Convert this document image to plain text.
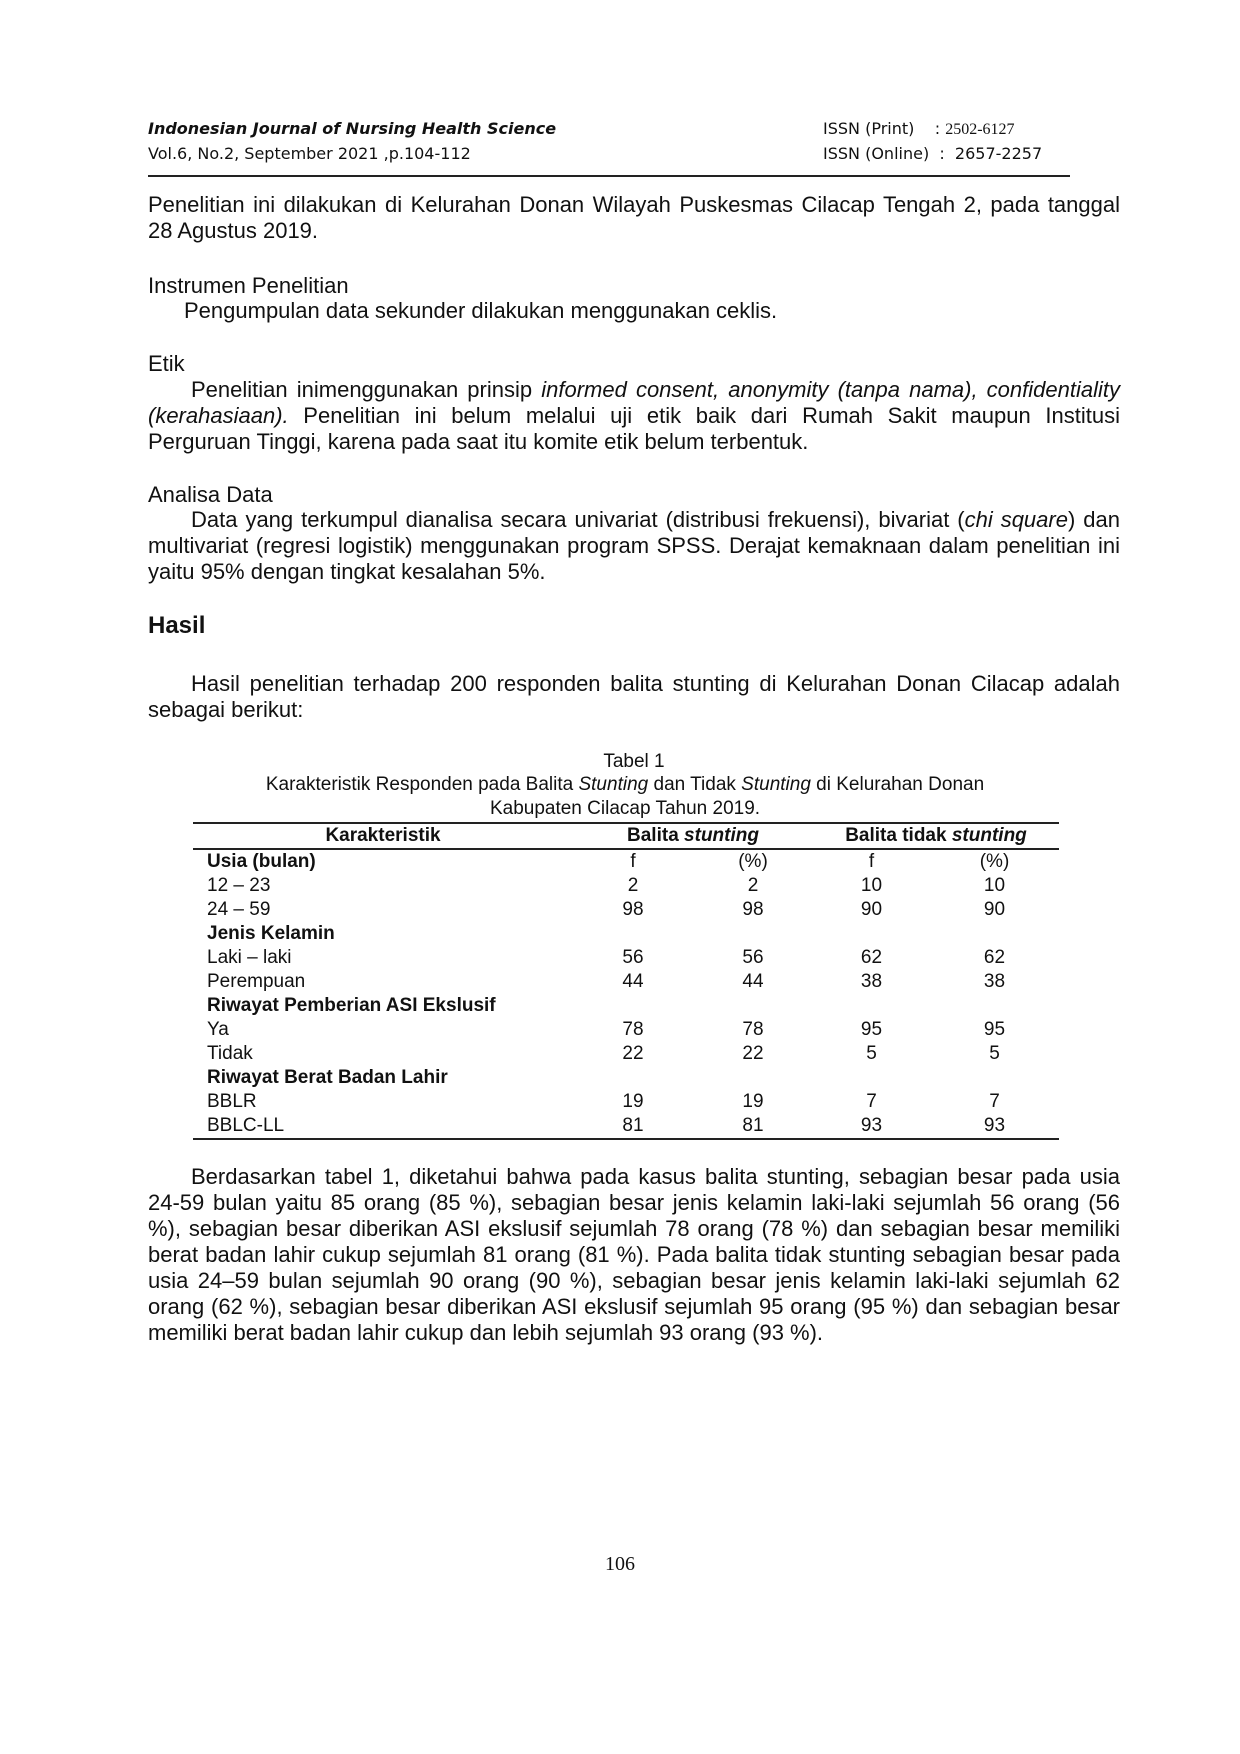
Indonesian Journal of Nursing Health Science
Vol.6, No.2, September 2021 ,p.104-112
ISSN (Print)    : 2502-6127
ISSN (Online)  :  2657-2257
Penelitian ini dilakukan di Kelurahan Donan Wilayah Puskesmas Cilacap Tengah 2, pada tanggal 28 Agustus 2019.
Instrumen Penelitian
Pengumpulan data sekunder dilakukan menggunakan ceklis.
Etik
Penelitian inimenggunakan prinsip informed consent, anonymity (tanpa nama), confidentiality (kerahasiaan). Penelitian ini belum melalui uji etik baik dari Rumah Sakit maupun Institusi Perguruan Tinggi, karena pada saat itu komite etik belum terbentuk.
Analisa Data
Data yang terkumpul dianalisa secara univariat (distribusi frekuensi), bivariat (chi square) dan multivariat (regresi logistik) menggunakan program SPSS. Derajat kemaknaan dalam penelitian ini yaitu 95% dengan tingkat kesalahan 5%.
Hasil
Hasil penelitian terhadap 200 responden balita stunting di Kelurahan Donan Cilacap adalah sebagai berikut:
Tabel 1
Karakteristik Responden pada Balita Stunting dan Tidak Stunting di Kelurahan Donan Kabupaten Cilacap Tahun 2019.
Karakteristik	Balita stunting		Balita tidak stunting	
Usia (bulan)	f	(%)	f	(%)
12 – 23	2	2	10	10
24 – 59	98	98	90	90
Jenis Kelamin				
Laki – laki	56	56	62	62
Perempuan	44	44	38	38
Riwayat Pemberian ASI Ekslusif				
Ya	78	78	95	95
Tidak	22	22	5	5
Riwayat Berat Badan Lahir				
BBLR	19	19	7	7
BBLC-LL	81	81	93	93
Berdasarkan tabel 1, diketahui bahwa pada kasus balita stunting, sebagian besar pada usia 24-59 bulan yaitu 85 orang (85 %), sebagian besar jenis kelamin laki-laki sejumlah 56 orang (56 %), sebagian besar diberikan ASI ekslusif sejumlah 78 orang (78 %) dan sebagian besar memiliki berat badan lahir cukup sejumlah 81 orang (81 %). Pada balita tidak stunting sebagian besar pada usia 24–59 bulan sejumlah 90 orang (90 %), sebagian besar jenis kelamin laki-laki sejumlah 62 orang (62 %), sebagian besar diberikan ASI ekslusif sejumlah 95 orang (95 %) dan sebagian besar memiliki berat badan lahir cukup dan lebih sejumlah 93 orang (93 %).
106
